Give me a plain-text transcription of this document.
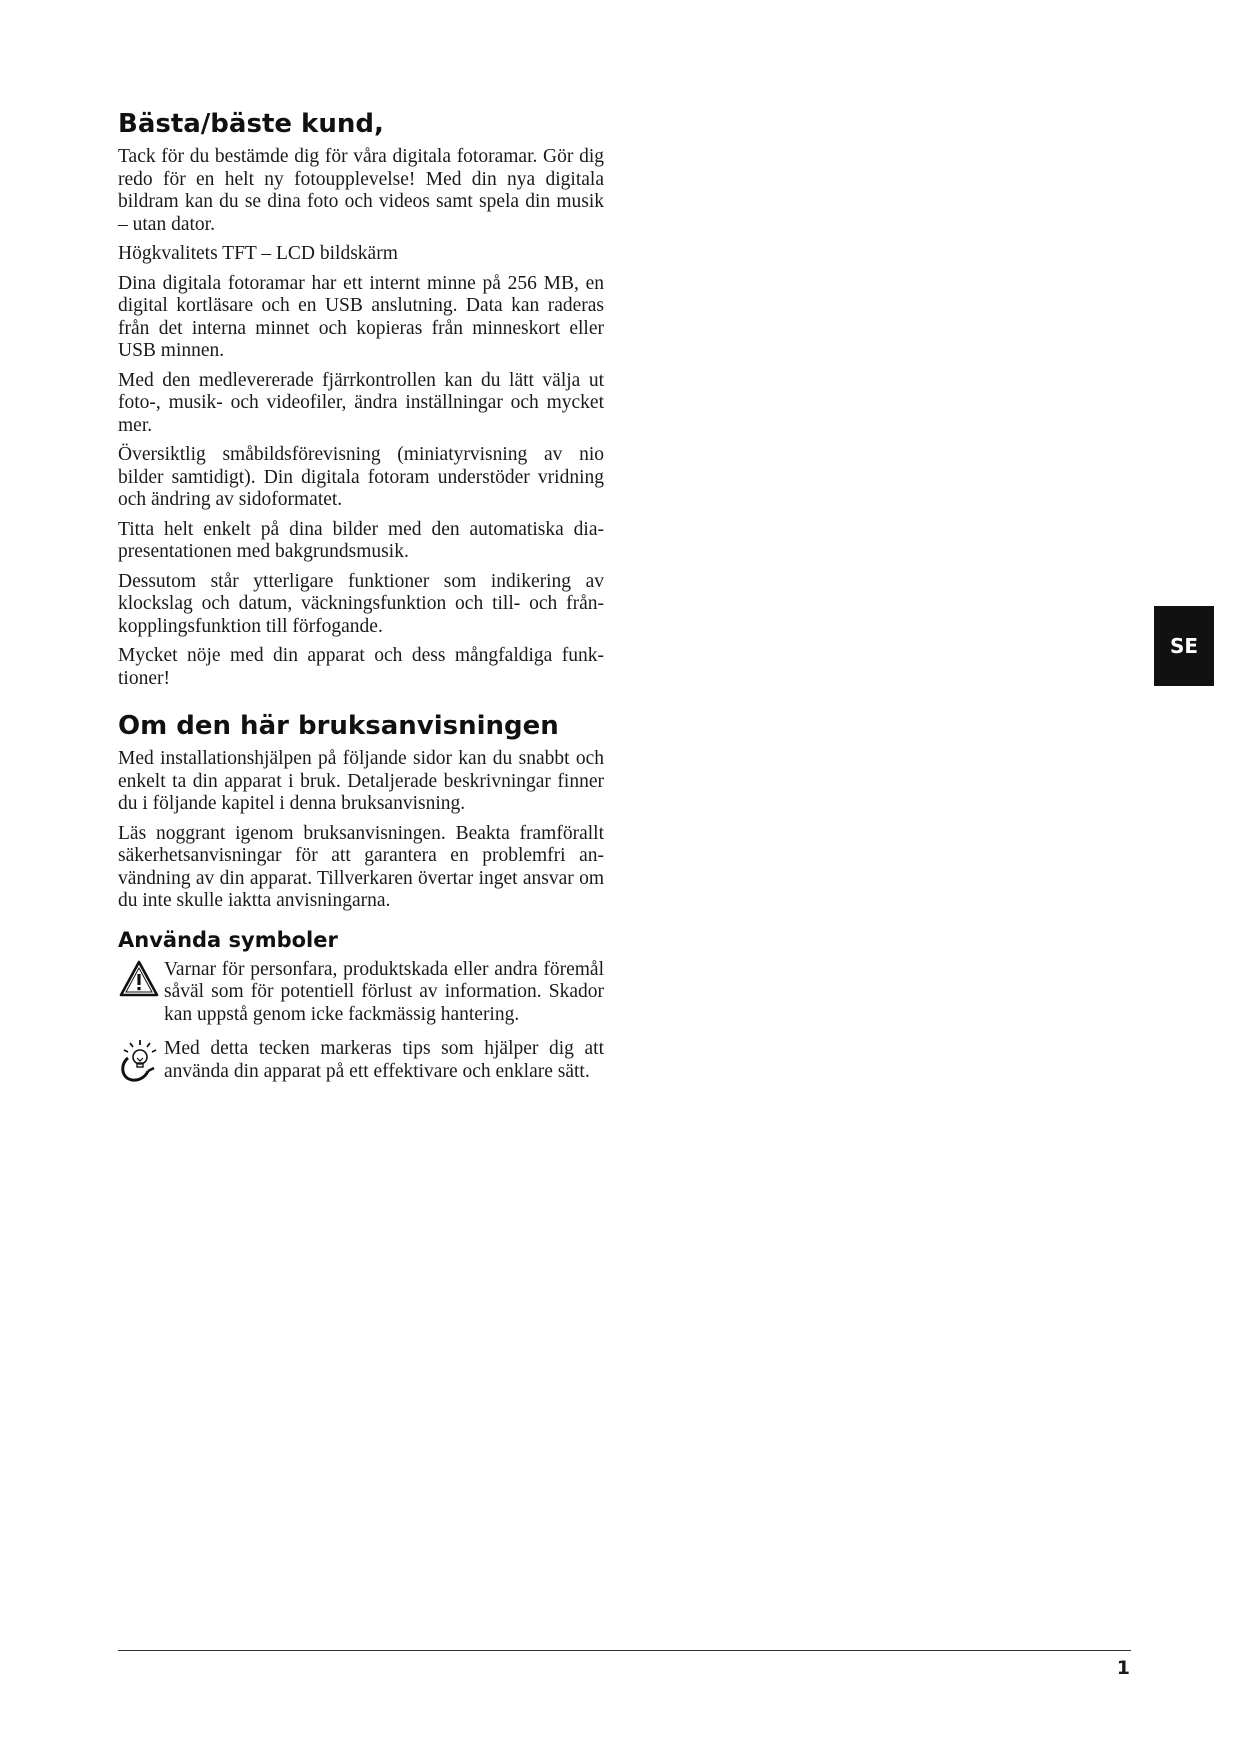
Bästa/bäste kund,

Tack för du bestämde dig för våra digitala fotoramar. Gör dig redo för en helt ny fotoupplevelse! Med din nya digitala bildram kan du se dina foto och videos samt spela din musik – utan dator.

Högkvalitets TFT – LCD bildskärm

Dina digitala fotoramar har ett internt minne på 256 MB, en digital kortläsare och en USB anslutning. Data kan raderas från det interna minnet och kopieras från minneskort eller USB minnen.

Med den medlevererade fjärrkontrollen kan du lätt välja ut foto-, musik- och videofiler, ändra inställningar och mycket mer.

Översiktlig småbildsförevisning (miniatyrvisning av nio bilder samtidigt). Din digitala fotoram understöder vridning och ändring av sidoformatet.

Titta helt enkelt på dina bilder med den automatiska diapresentationen med bakgrundsmusik.

Dessutom står ytterligare funktioner som indikering av klockslag och datum, väckningsfunktion och till- och frånkopplingsfunktion till förfogande.

Mycket nöje med din apparat och dess mångfaldiga funktioner!

Om den här bruksanvisningen

Med installationshjälpen på följande sidor kan du snabbt och enkelt ta din apparat i bruk. Detaljerade beskrivningar finner du i följande kapitel i denna bruksanvisning.

Läs noggrant igenom bruksanvisningen. Beakta framförallt säkerhetsanvisningar för att garantera en problemfri användning av din apparat. Tillverkaren övertar inget ansvar om du inte skulle iaktta anvisningarna.

Använda symboler

Varnar för personfara, produktskada eller andra föremål såväl som för potentiell förlust av information. Skador kan uppstå genom icke fackmässig hantering.

Med detta tecken markeras tips som hjälper dig att använda din apparat på ett effektivare och enklare sätt.

SE
1
